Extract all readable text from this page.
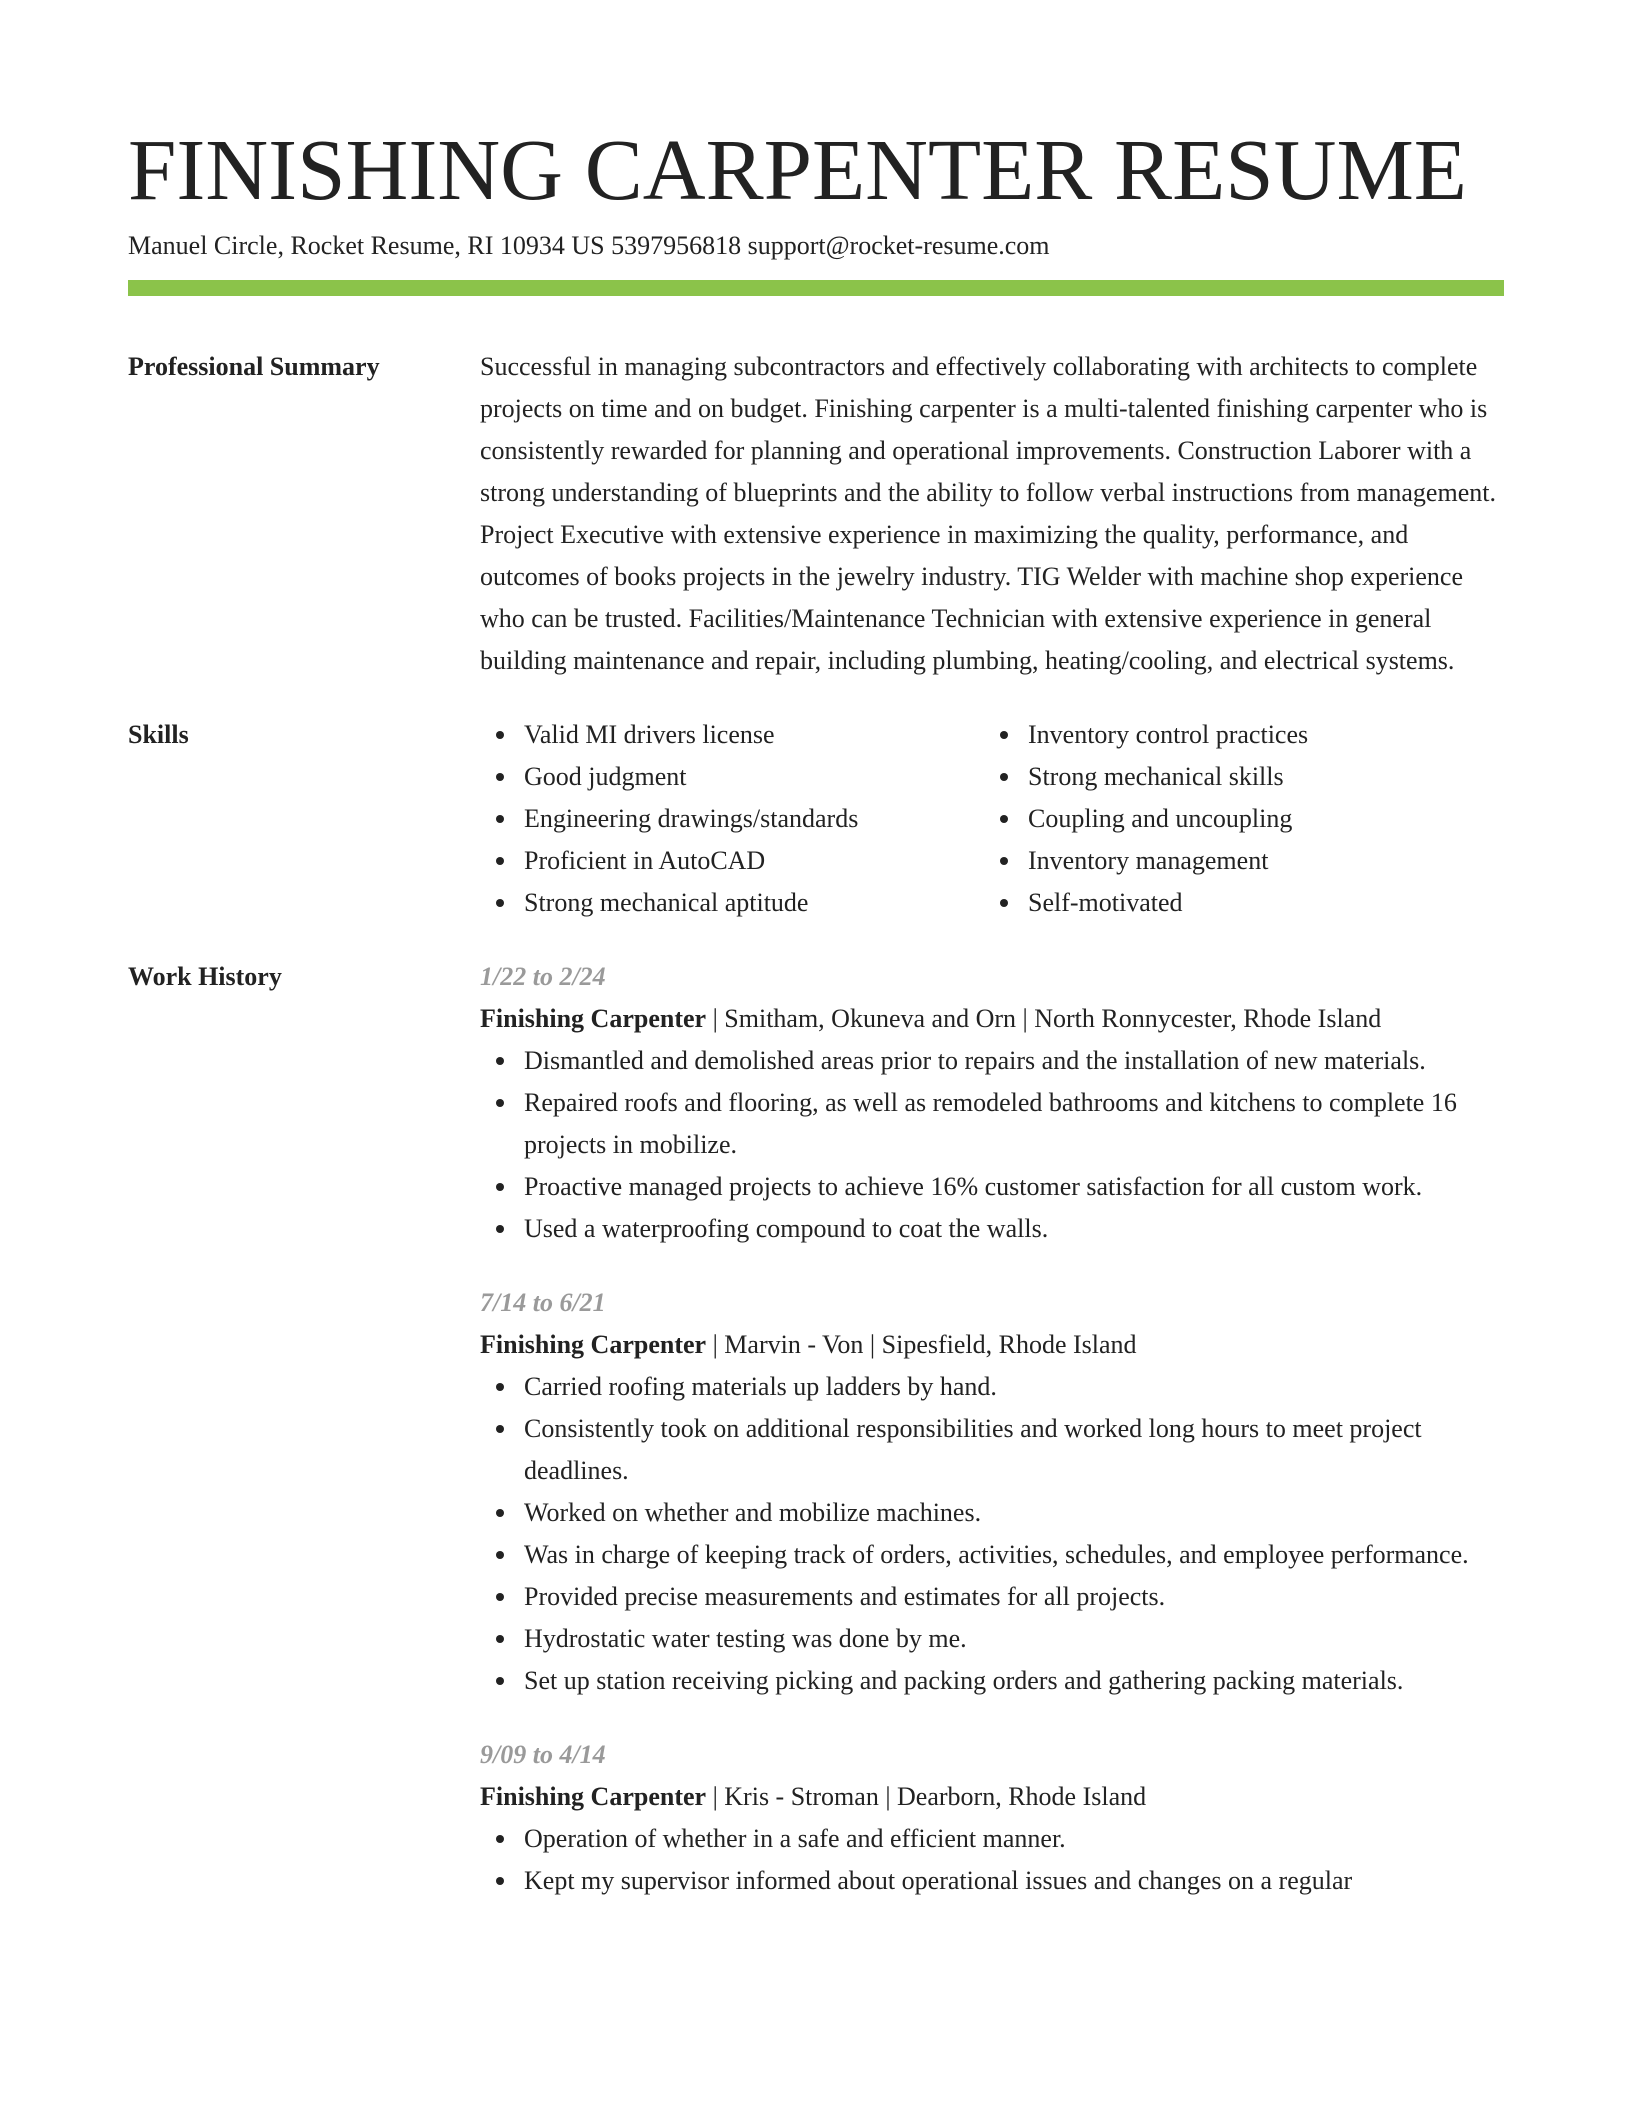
FINISHING CARPENTER RESUME
Manuel Circle, Rocket Resume, RI 10934 US 5397956818 support@rocket-resume.com
Professional Summary	Successful in managing subcontractors and effectively collaborating with architects to complete projects on time and on budget. Finishing carpenter is a multi-talented finishing carpenter who is consistently rewarded for planning and operational improvements. Construction Laborer with a strong understanding of blueprints and the ability to follow verbal instructions from management. Project Executive with extensive experience in maximizing the quality, performance, and outcomes of books projects in the jewelry industry. TIG Welder with machine shop experience who can be trusted. Facilities/Maintenance Technician with extensive experience in general building maintenance and repair, including plumbing, heating/cooling, and electrical systems.
Skills	Valid MI drivers license
Good judgment
Engineering drawings/standards
Proficient in AutoCAD
Strong mechanical aptitude
Inventory control practices
Strong mechanical skills
Coupling and uncoupling
Inventory management
Self-motivated
Work History	1/22 to 2/24
Finishing Carpenter | Smitham, Okuneva and Orn | North Ronnycester, Rhode Island
Dismantled and demolished areas prior to repairs and the installation of new materials.
Repaired roofs and flooring, as well as remodeled bathrooms and kitchens to complete 16 projects in mobilize.
Proactive managed projects to achieve 16% customer satisfaction for all custom work.
Used a waterproofing compound to coat the walls.
7/14 to 6/21
Finishing Carpenter | Marvin - Von | Sipesfield, Rhode Island
Carried roofing materials up ladders by hand.
Consistently took on additional responsibilities and worked long hours to meet project deadlines.
Worked on whether and mobilize machines.
Was in charge of keeping track of orders, activities, schedules, and employee performance.
Provided precise measurements and estimates for all projects.
Hydrostatic water testing was done by me.
Set up station receiving picking and packing orders and gathering packing materials.
9/09 to 4/14
Finishing Carpenter | Kris - Stroman | Dearborn, Rhode Island
Operation of whether in a safe and efficient manner.
Kept my supervisor informed about operational issues and changes on a regular
